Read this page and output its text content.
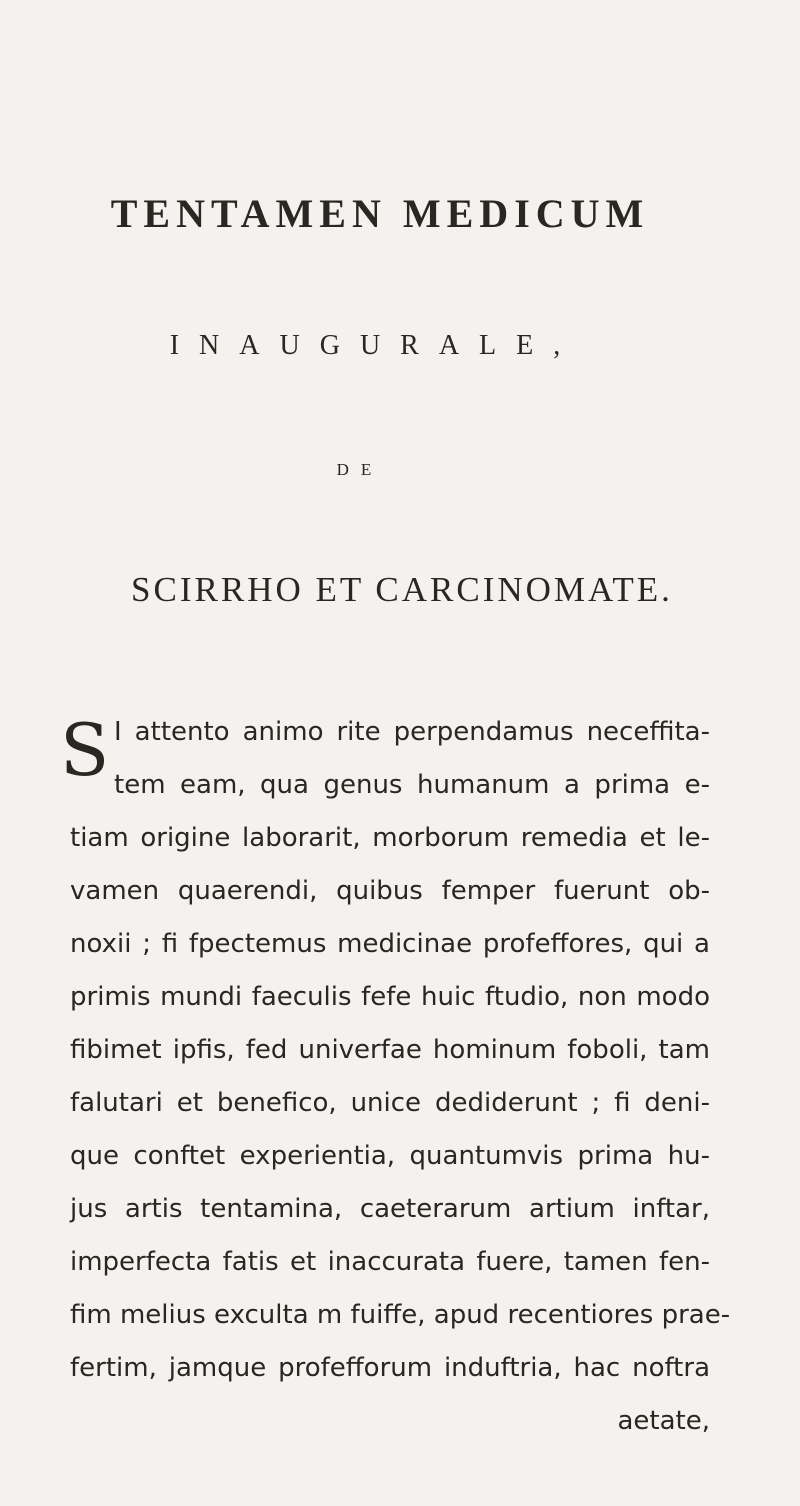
TENTAMEN MEDICUM
INAUGURALE,
DE
SCIRRHO ET CARCINOMATE.
S I attento animo rite perpendamus neceffita-
tem eam, qua genus humanum a prima e-
tiam origine laborarit, morborum remedia et le-
vamen quaerendi, quibus femper fuerunt ob-
noxii ; fi fpectemus medicinae profeffores, qui a
primis mundi faeculis fefe huic ftudio, non modo
fibimet ipfis, fed univerfae hominum foboli, tam
falutari et benefico, unice dediderunt ; fi deni-
que conftet experientia, quantumvis prima hu-
jus artis tentamina, caeterarum artium inftar,
imperfecta fatis et inaccurata fuere, tamen fen-
fim melius exculta m fuiffe, apud recentiores prae-
fertim, jamque profefforum induftria, hac noftra
aetate,
